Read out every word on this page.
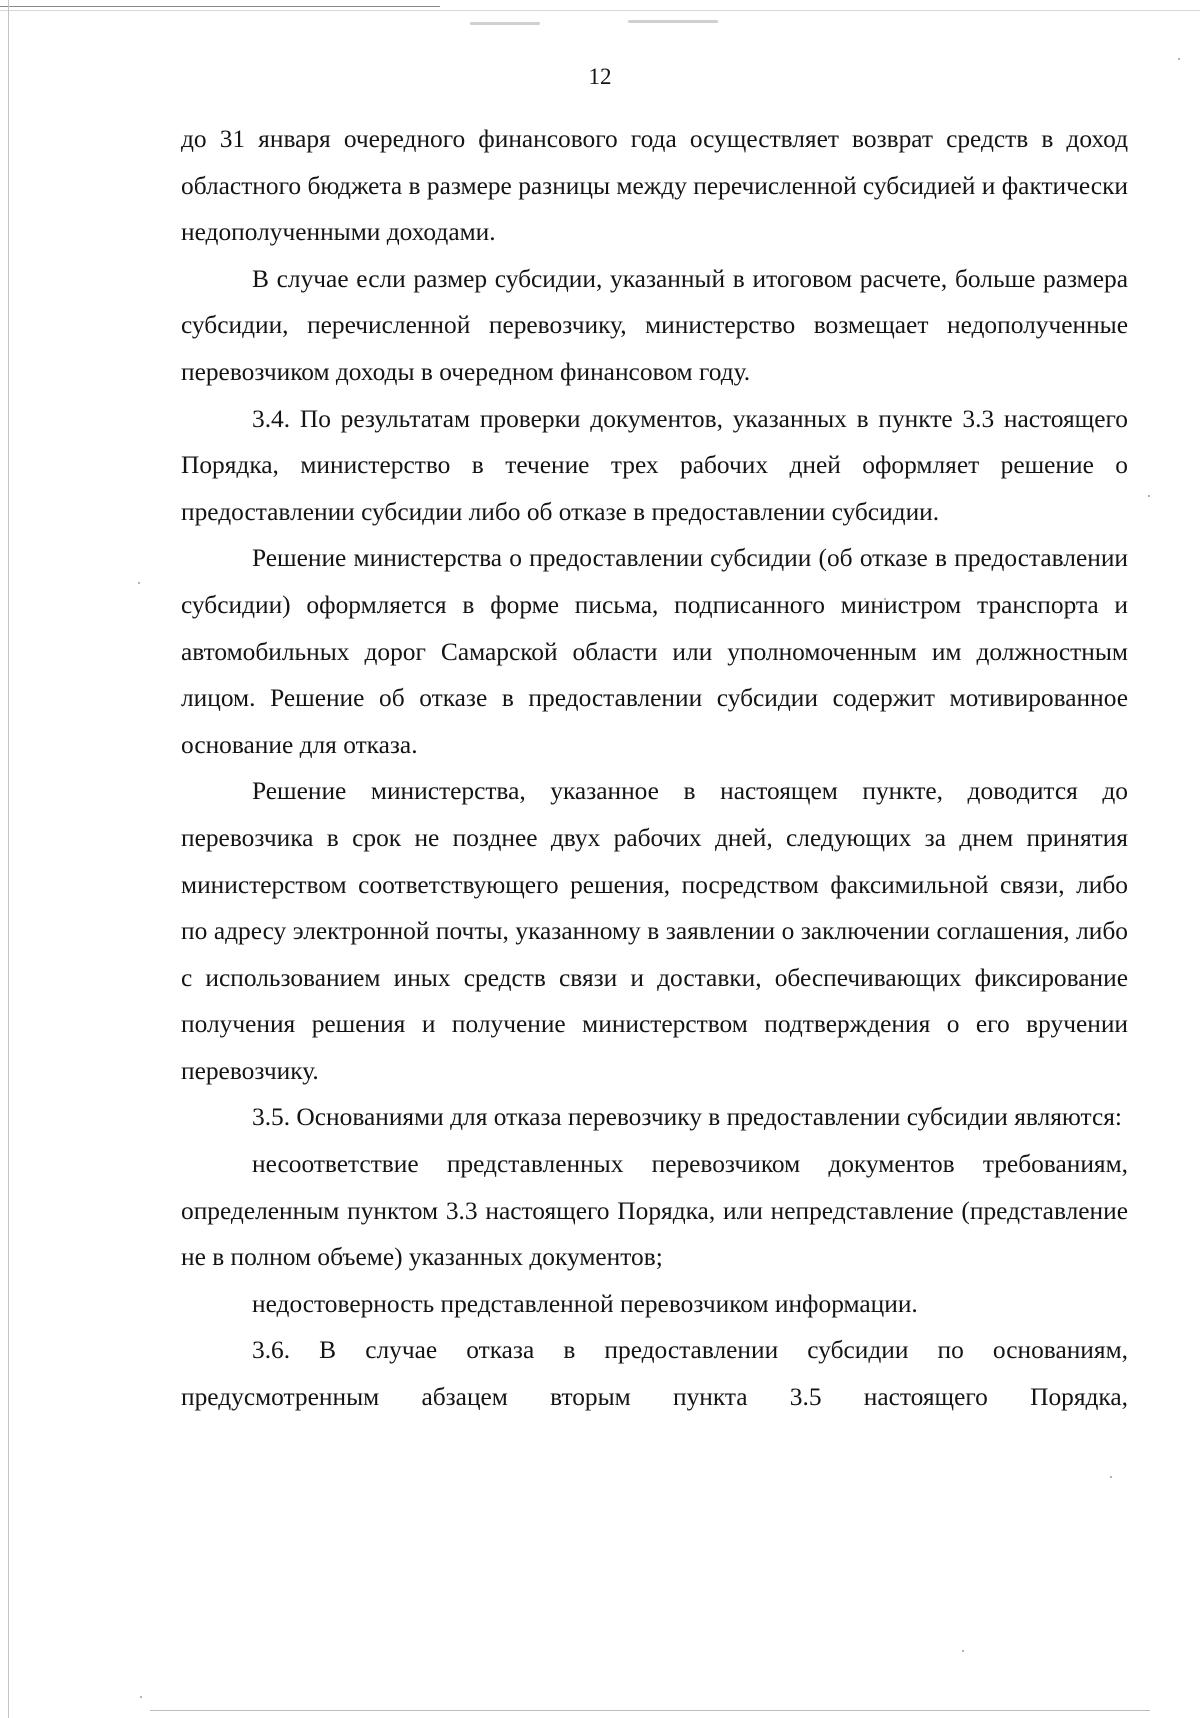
12

до 31 января очередного финансового года осуществляет возврат средств в доход областного бюджета в размере разницы между перечисленной субсидией и фактически недополученными доходами.

В случае если размер субсидии, указанный в итоговом расчете, больше размера субсидии, перечисленной перевозчику, министерство возмещает недополученные перевозчиком доходы в очередном финансовом году.

3.4. По результатам проверки документов, указанных в пункте 3.3 настоящего Порядка, министерство в течение трех рабочих дней оформляет решение о предоставлении субсидии либо об отказе в предоставлении субсидии.

Решение министерства о предоставлении субсидии (об отказе в предоставлении субсидии) оформляется в форме письма, подписанного министром транспорта и автомобильных дорог Самарской области или уполномоченным им должностным лицом. Решение об отказе в предоставлении субсидии содержит мотивированное основание для отказа.

Решение министерства, указанное в настоящем пункте, доводится до перевозчика в срок не позднее двух рабочих дней, следующих за днем принятия министерством соответствующего решения, посредством факсимильной связи, либо по адресу электронной почты, указанному в заявлении о заключении соглашения, либо с использованием иных средств связи и доставки, обеспечивающих фиксирование получения решения и получение министерством подтверждения о его вручении перевозчику.

3.5. Основаниями для отказа перевозчику в предоставлении субсидии являются:

несоответствие представленных перевозчиком документов требованиям, определенным пунктом 3.3 настоящего Порядка, или непредставление (представление не в полном объеме) указанных документов;

недостоверность представленной перевозчиком информации.

3.6. В случае отказа в предоставлении субсидии по основаниям, предусмотренным абзацем вторым пункта 3.5 настоящего Порядка,
